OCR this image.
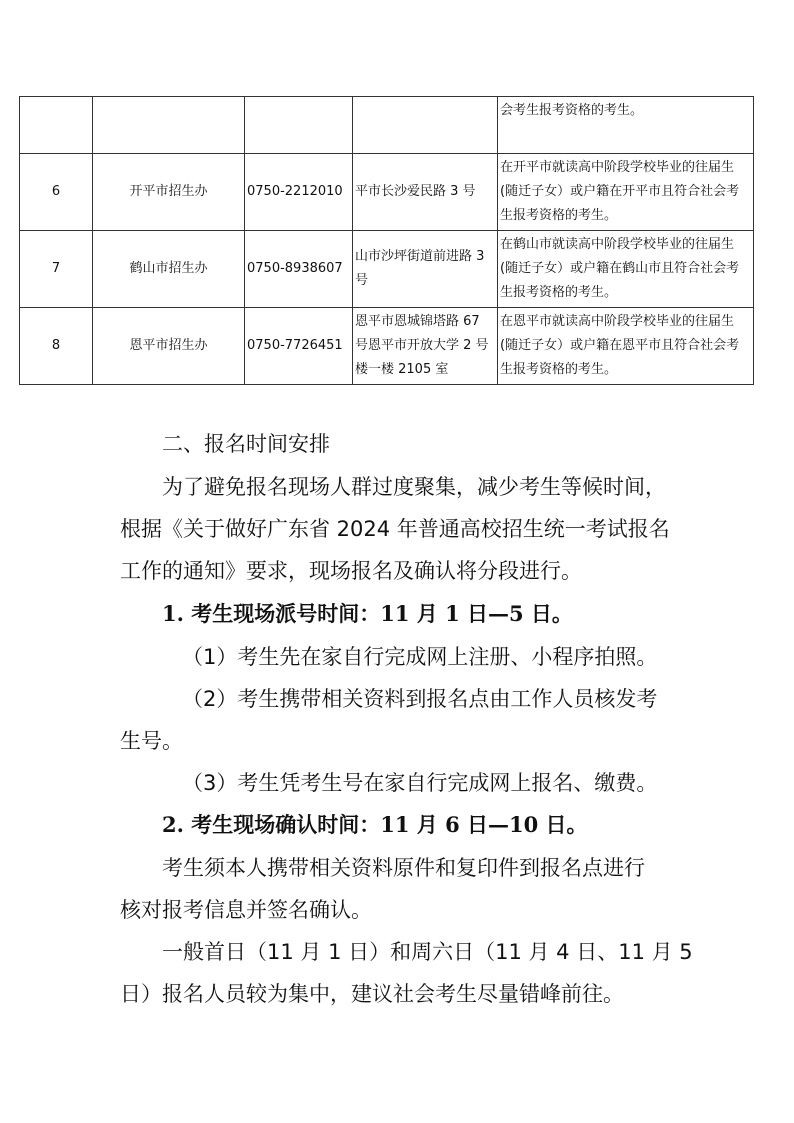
				会考生报考资格的考生。
6	开平市招生办	0750-2212010	平市长沙爱民路 3 号	在开平市就读高中阶段学校毕业的往届生(随迁子女）或户籍在开平市且符合社会考生报考资格的考生。
7	鹤山市招生办	0750-8938607	山市沙坪街道前进路 3 号	在鹤山市就读高中阶段学校毕业的往届生(随迁子女）或户籍在鹤山市且符合社会考生报考资格的考生。
8	恩平市招生办	0750-7726451	恩平市恩城锦塔路 67 号恩平市开放大学 2 号楼一楼 2105 室	在恩平市就读高中阶段学校毕业的往届生(随迁子女）或户籍在恩平市且符合社会考生报考资格的考生。
二、报名时间安排
为了避免报名现场人群过度聚集，减少考生等候时间，
根据《关于做好广东省 2024 年普通高校招生统一考试报名
工作的通知》要求，现场报名及确认将分段进行。
1. 考生现场派号时间：11 月 1 日—5 日。
（1）考生先在家自行完成网上注册、小程序拍照。
（2）考生携带相关资料到报名点由工作人员核发考
生号。
（3）考生凭考生号在家自行完成网上报名、缴费。
2. 考生现场确认时间：11 月 6 日—10 日。
考生须本人携带相关资料原件和复印件到报名点进行
核对报考信息并签名确认。
一般首日（11 月 1 日）和周六日（11 月 4 日、11 月 5
日）报名人员较为集中，建议社会考生尽量错峰前往。
